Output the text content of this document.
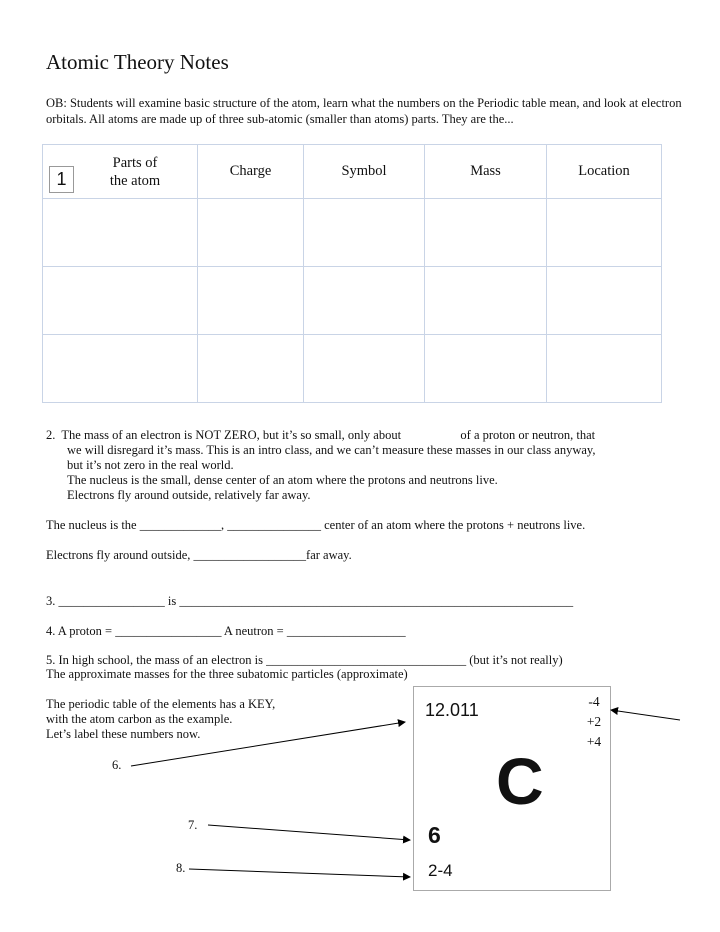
Atomic Theory Notes
OB: Students will examine basic structure of the atom, learn what the numbers on the Periodic table mean, and look at electron orbitals. All atoms are made up of three sub-atomic (smaller than atoms) parts. They are the...
1
Parts of the atom	Charge	Symbol	Mass	Location

2.  The mass of an electron is NOT ZERO, but it’s so small, only about                   of a proton or neutron, that
we will disregard it’s mass. This is an intro class, and we can’t measure these masses in our class anyway,
but it’s not zero in the real world.
The nucleus is the small, dense center of an atom where the protons and neutrons live.
Electrons fly around outside, relatively far away.
The nucleus is the _____________, _______________ center of an atom where the protons + neutrons live.
Electrons fly around outside, __________________far away.
3. _________________ is _______________________________________________________________
4. A proton = _________________ A neutron = ___________________
5. In high school, the mass of an electron is ________________________________ (but it’s not really)
The approximate masses for the three subatomic particles (approximate)
The periodic table of the elements has a KEY,
with the atom carbon as the example.
Let’s label these numbers now.
6.
7.
8.
12.011	-4
+2
+4
C
6
2-4
